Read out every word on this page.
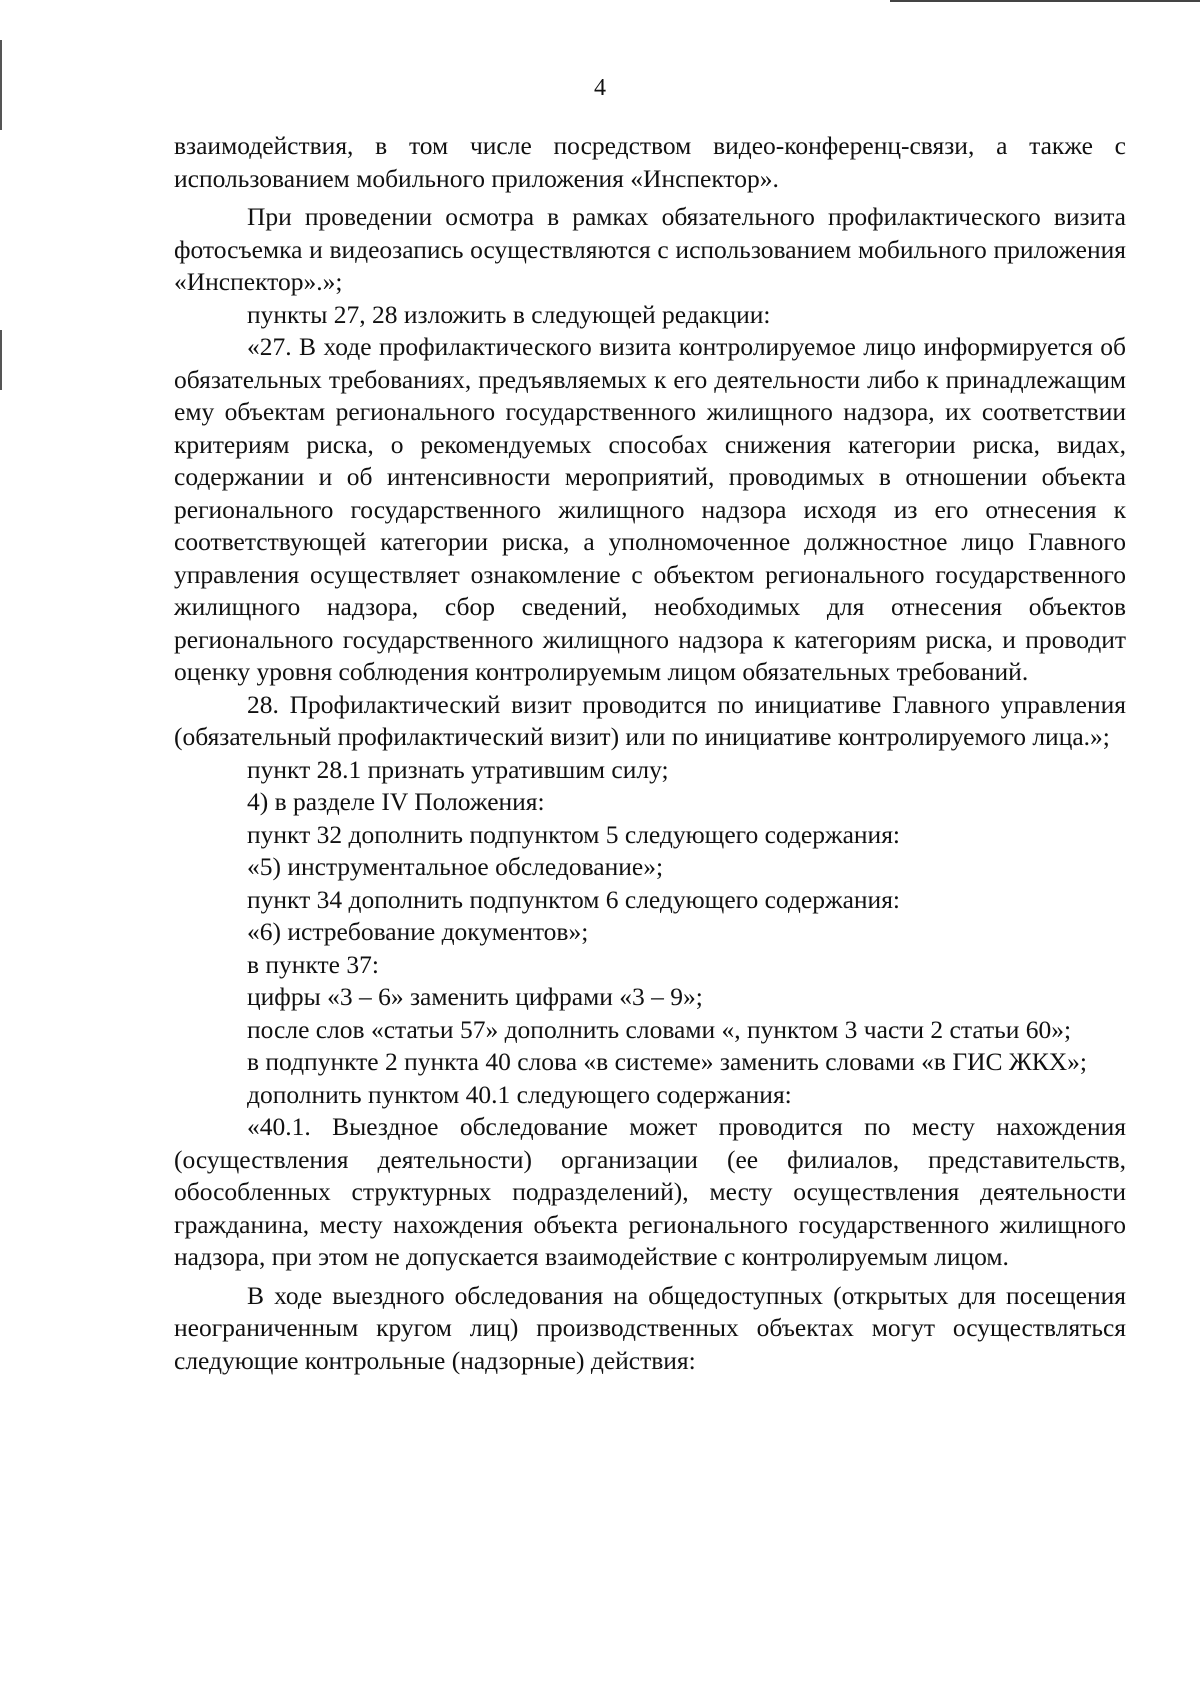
4

взаимодействия, в том числе посредством видео-конференц-связи, а также с использованием мобильного приложения «Инспектор».

При проведении осмотра в рамках обязательного профилактического визита фотосъемка и видеозапись осуществляются с использованием мобильного приложения «Инспектор».»;

пункты 27, 28 изложить в следующей редакции:

«27. В ходе профилактического визита контролируемое лицо информируется об обязательных требованиях, предъявляемых к его деятельности либо к принадлежащим ему объектам регионального государственного жилищного надзора, их соответствии критериям риска, о рекомендуемых способах снижения категории риска, видах, содержании и об интенсивности мероприятий, проводимых в отношении объекта регионального государственного жилищного надзора исходя из его отнесения к соответствующей категории риска, а уполномоченное должностное лицо Главного управления осуществляет ознакомление с объектом регионального государственного жилищного надзора, сбор сведений, необходимых для отнесения объектов регионального государственного жилищного надзора к категориям риска, и проводит оценку уровня соблюдения контролируемым лицом обязательных требований.

28. Профилактический визит проводится по инициативе Главного управления (обязательный профилактический визит) или по инициативе контролируемого лица.»;

пункт 28.1 признать утратившим силу;

4) в разделе IV Положения:

пункт 32 дополнить подпунктом 5 следующего содержания:

«5) инструментальное обследование»;

пункт 34 дополнить подпунктом 6 следующего содержания:

«6) истребование документов»;

в пункте 37:

цифры «3 – 6» заменить цифрами «3 – 9»;

после слов «статьи 57» дополнить словами «, пунктом 3 части 2 статьи 60»;

в подпункте 2 пункта 40 слова «в системе» заменить словами «в ГИС ЖКХ»;

дополнить пунктом 40.1 следующего содержания:

«40.1. Выездное обследование может проводится по месту нахождения (осуществления деятельности) организации (ее филиалов, представительств, обособленных структурных подразделений), месту осуществления деятельности гражданина, месту нахождения объекта регионального государственного жилищного надзора, при этом не допускается взаимодействие с контролируемым лицом.

В ходе выездного обследования на общедоступных (открытых для посещения неограниченным кругом лиц) производственных объектах могут осуществляться следующие контрольные (надзорные) действия:
